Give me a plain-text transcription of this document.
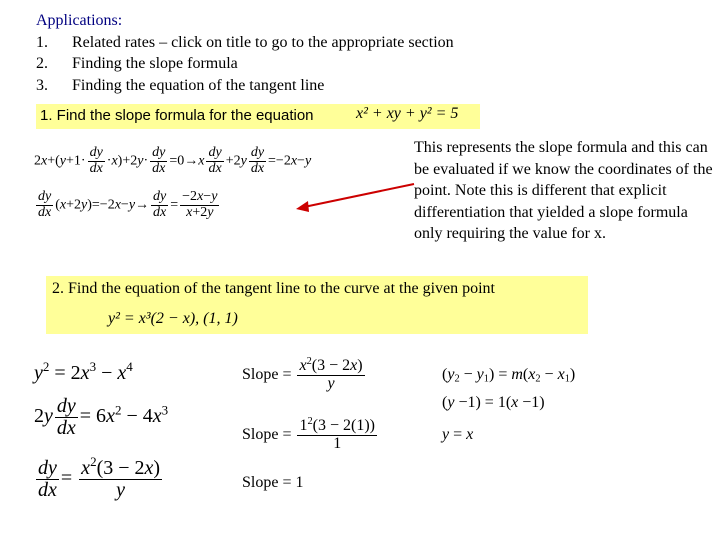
Applications:
1.	Related rates – click on title to go to the appropriate section
2.	Finding the slope formula
3.	Finding the equation of the tangent line
1. Find the slope formula for the equation	x² + xy + y² = 5
$2x+(y+1\cdot \frac{dy}{dx} \cdot x)+2y\cdot \frac{dy}{dx} =0\to x \frac{dy}{dx} +2y \frac{dy}{dx} =-2x-y$
$\frac{dy}{dx} (x+2y)=-2x-y\to \frac{dy}{dx} = \frac{-2x-y}{x+2y}$
This represents the slope formula and this can be evaluated if we know the coordinates of the point. Note this is different that explicit differentiation that yielded a slope formula only requiring the value for x.
2. Find the equation of the tangent line to the curve at the given point
y² = x³(2 − x), (1, 1)
$y^2 = 2x^3 - x^4$
$2y \frac{dy}{dx} = 6x^2 - 4x^3$
$\frac{dy}{dx} = \frac{x^2(3 - 2x)}{y}$
Slope = $\frac{x^2(3 - 2x)}{y}$
Slope = $\frac{1^2(3 - 2(1))}{1}$
Slope = 1
$(y_2 - y_1) = m(x_2 - x_1)$
(y −1) = 1(x −1)
y = x
